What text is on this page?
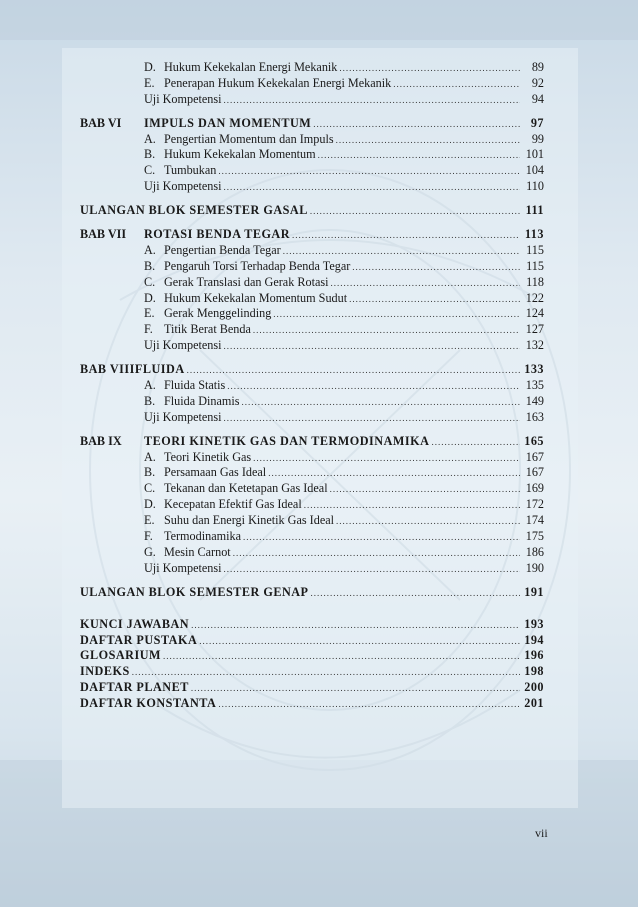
D. Hukum Kekekalan Energi Mekanik .....	89
E. Penerapan Hukum Kekekalan Energi Mekanik .....	92
Uji Kompetensi .....	94
BAB VI	IMPULS DAN MOMENTUM .....	97
A. Pengertian Momentum dan Impuls .....	99
B. Hukum Kekekalan Momentum .....	101
C. Tumbukan .....	104
Uji Kompetensi .....	110
ULANGAN BLOK SEMESTER GASAL .....	111
BAB VII	ROTASI BENDA TEGAR .....	113
A. Pengertian Benda Tegar .....	115
B. Pengaruh Torsi Terhadap Benda Tegar .....	115
C. Gerak Translasi dan Gerak Rotasi .....	118
D. Hukum Kekekalan Momentum Sudut .....	122
E. Gerak Menggelinding .....	124
F. Titik Berat Benda .....	127
Uji Kompetensi .....	132
BAB VIIIFLUIDA .....	133
A. Fluida Statis .....	135
B. Fluida Dinamis .....	149
Uji Kompetensi .....	163
BAB IX	TEORI KINETIK GAS DAN TERMODINAMIKA .....	165
A. Teori Kinetik Gas .....	167
B. Persamaan Gas Ideal .....	167
C. Tekanan dan Ketetapan Gas Ideal .....	169
D. Kecepatan Efektif Gas Ideal .....	172
E. Suhu dan Energi Kinetik Gas Ideal .....	174
F. Termodinamika .....	175
G. Mesin Carnot .....	186
Uji Kompetensi .....	190
ULANGAN BLOK SEMESTER GENAP .....	191
KUNCI JAWABAN .....	193
DAFTAR PUSTAKA .....	194
GLOSARIUM .....	196
INDEKS .....	198
DAFTAR PLANET .....	200
DAFTAR KONSTANTA .....	201
vii
